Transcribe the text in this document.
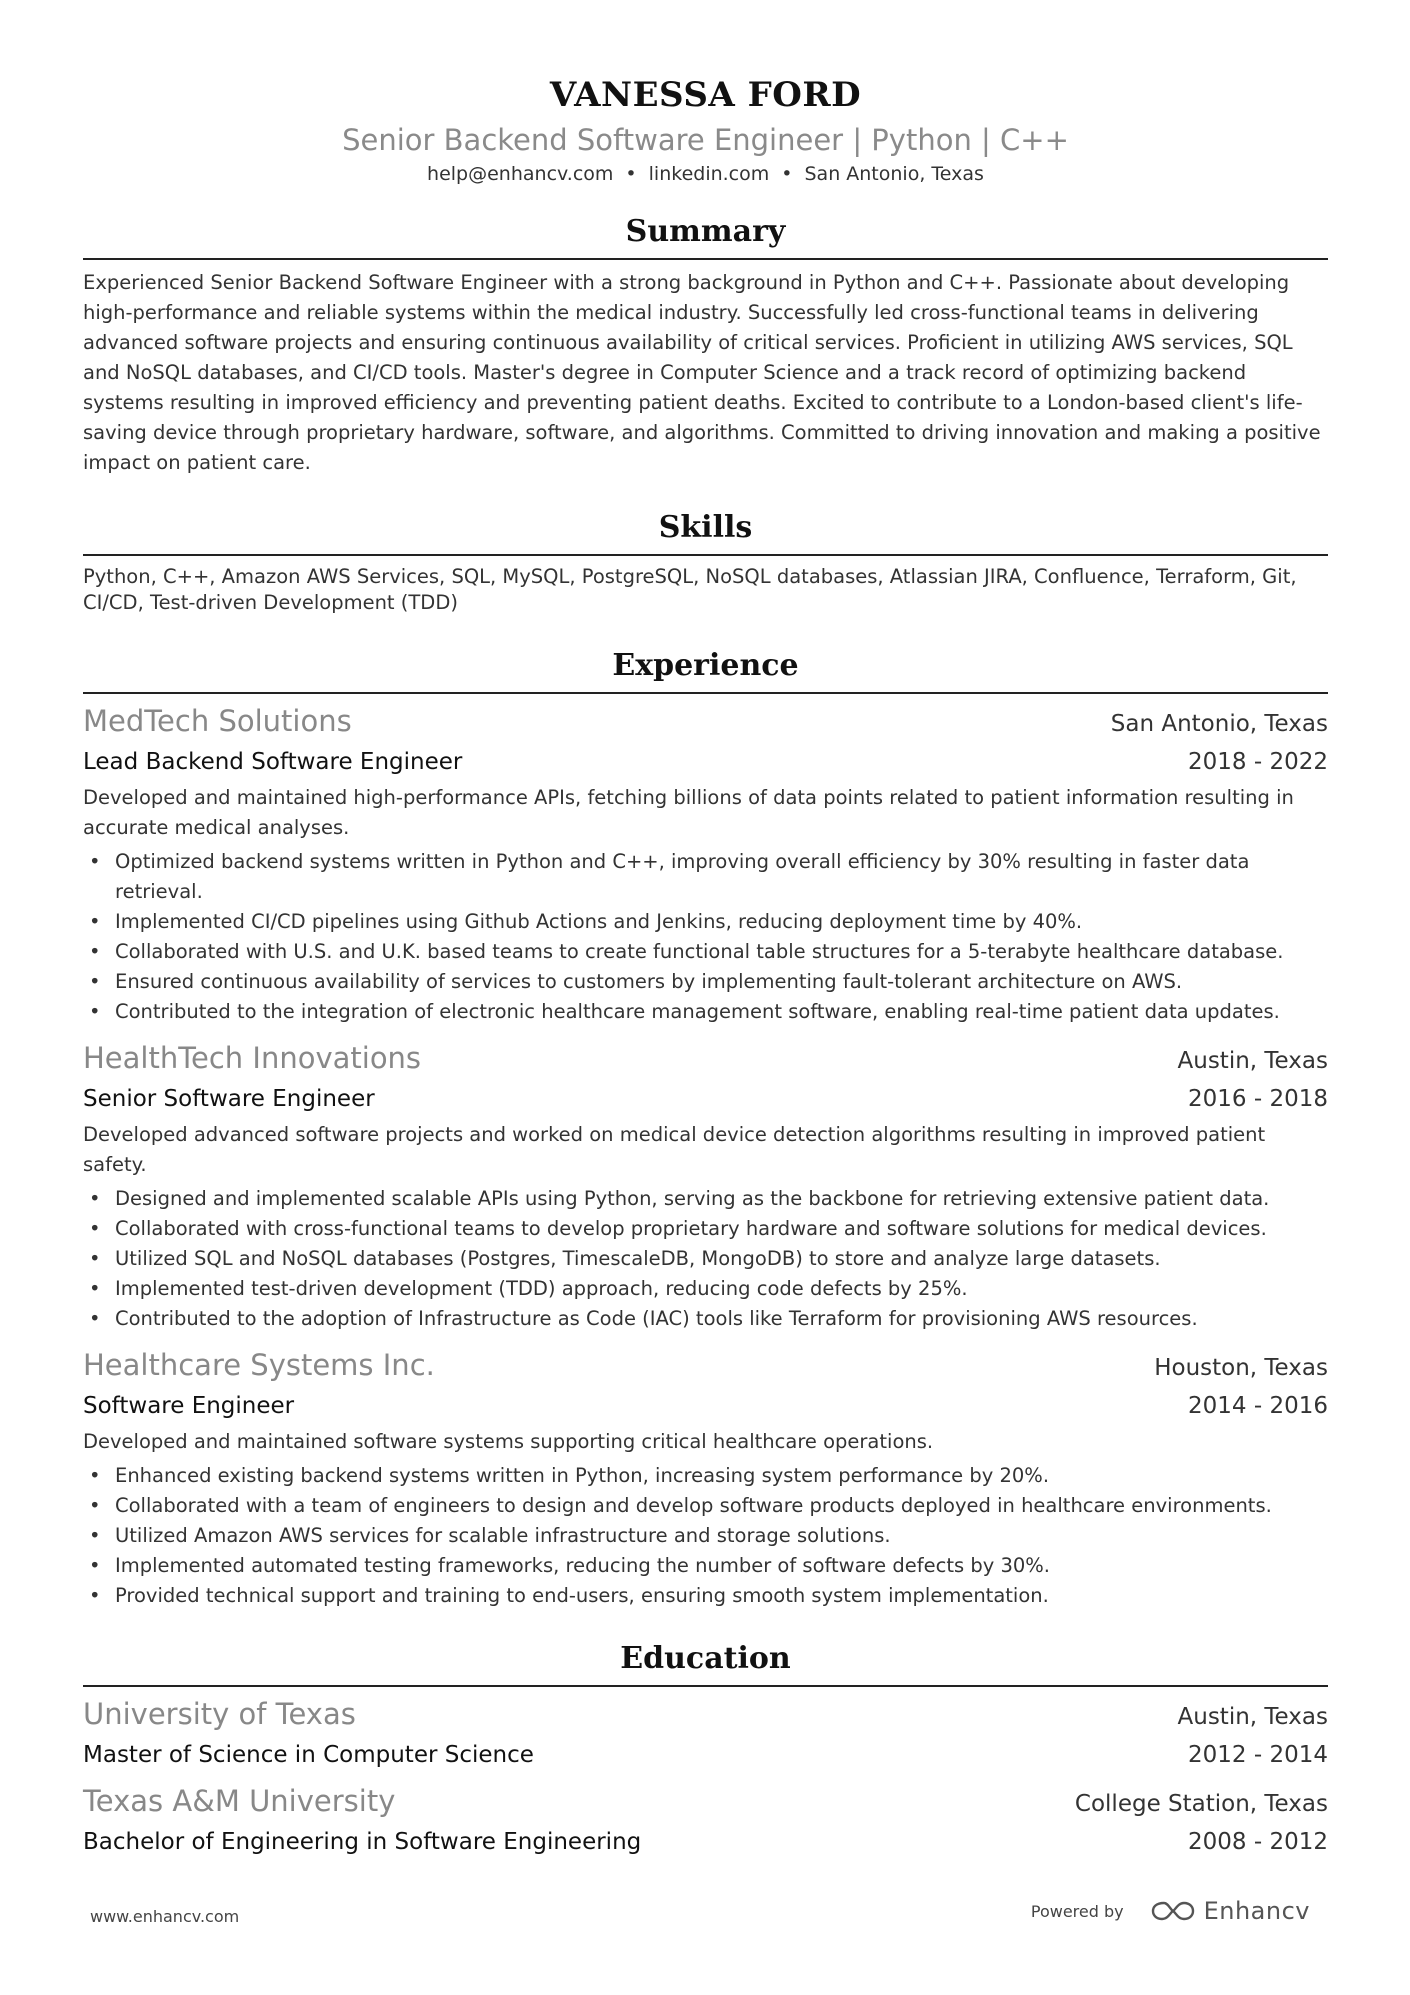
VANESSA FORD
Senior Backend Software Engineer | Python | C++
help@enhancv.com • linkedin.com • San Antonio, Texas
Summary

Experienced Senior Backend Software Engineer with a strong background in Python and C++. Passionate about developing high-performance and reliable systems within the medical industry. Successfully led cross-functional teams in delivering advanced software projects and ensuring continuous availability of critical services. Proficient in utilizing AWS services, SQL and NoSQL databases, and CI/CD tools. Master's degree in Computer Science and a track record of optimizing backend systems resulting in improved efficiency and preventing patient deaths. Excited to contribute to a London-based client's life-saving device through proprietary hardware, software, and algorithms. Committed to driving innovation and making a positive impact on patient care.

Skills
Python, C++, Amazon AWS Services, SQL, MySQL, PostgreSQL, NoSQL databases, Atlassian JIRA, Confluence, Terraform, Git, CI/CD, Test-driven Development (TDD)
Experience
MedTech Solutions	San Antonio, Texas
Lead Backend Software Engineer	2018 - 2022

Developed and maintained high-performance APIs, fetching billions of data points related to patient information resulting in accurate medical analyses.

• Optimized backend systems written in Python and C++, improving overall efficiency by 30% resulting in faster data retrieval.
• Implemented CI/CD pipelines using Github Actions and Jenkins, reducing deployment time by 40%.
• Collaborated with U.S. and U.K. based teams to create functional table structures for a 5-terabyte healthcare database.
• Ensured continuous availability of services to customers by implementing fault-tolerant architecture on AWS.
• Contributed to the integration of electronic healthcare management software, enabling real-time patient data updates.
HealthTech Innovations	Austin, Texas
Senior Software Engineer	2016 - 2018

Developed advanced software projects and worked on medical device detection algorithms resulting in improved patient safety.

• Designed and implemented scalable APIs using Python, serving as the backbone for retrieving extensive patient data.
• Collaborated with cross-functional teams to develop proprietary hardware and software solutions for medical devices.
• Utilized SQL and NoSQL databases (Postgres, TimescaleDB, MongoDB) to store and analyze large datasets.
• Implemented test-driven development (TDD) approach, reducing code defects by 25%.
• Contributed to the adoption of Infrastructure as Code (IAC) tools like Terraform for provisioning AWS resources.
Healthcare Systems Inc.	Houston, Texas
Software Engineer	2014 - 2016

Developed and maintained software systems supporting critical healthcare operations.

• Enhanced existing backend systems written in Python, increasing system performance by 20%.
• Collaborated with a team of engineers to design and develop software products deployed in healthcare environments.
• Utilized Amazon AWS services for scalable infrastructure and storage solutions.
• Implemented automated testing frameworks, reducing the number of software defects by 30%.
• Provided technical support and training to end-users, ensuring smooth system implementation.
Education
University of Texas	Austin, Texas
Master of Science in Computer Science	2012 - 2014
Texas A&M University	College Station, Texas
Bachelor of Engineering in Software Engineering	2008 - 2012
www.enhancv.com	Powered by	Enhancv
